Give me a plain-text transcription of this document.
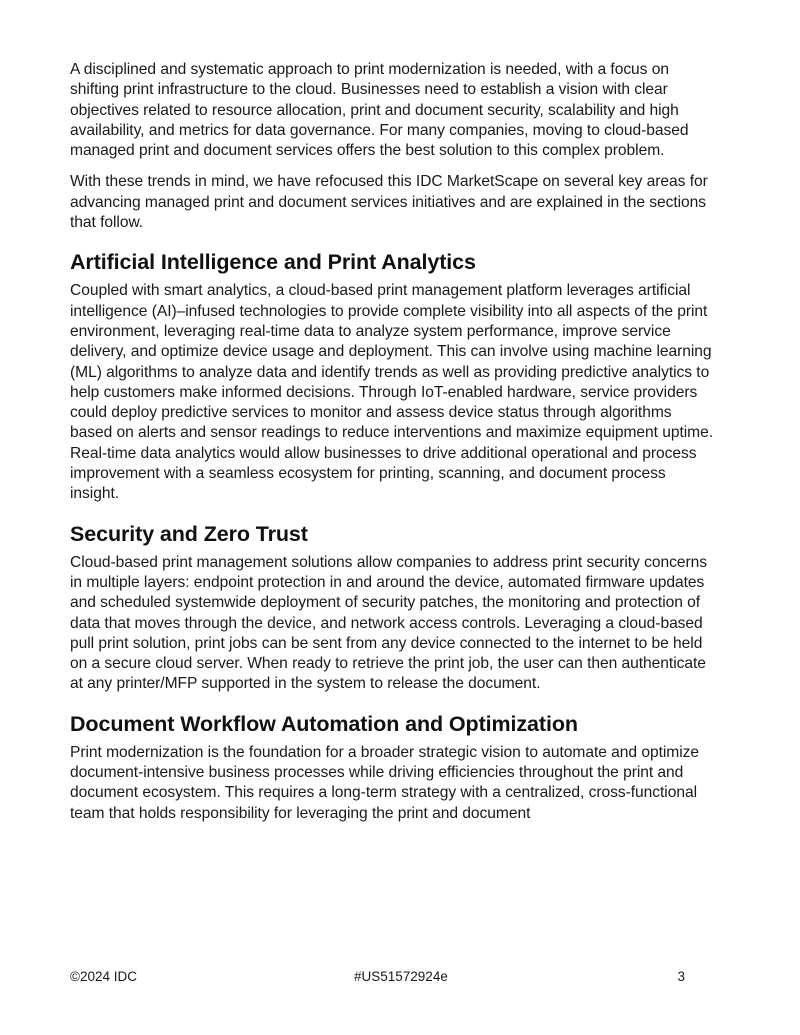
A disciplined and systematic approach to print modernization is needed, with a focus on shifting print infrastructure to the cloud. Businesses need to establish a vision with clear objectives related to resource allocation, print and document security, scalability and high availability, and metrics for data governance. For many companies, moving to cloud-based managed print and document services offers the best solution to this complex problem.

With these trends in mind, we have refocused this IDC MarketScape on several key areas for advancing managed print and document services initiatives and are explained in the sections that follow.

Artificial Intelligence and Print Analytics

Coupled with smart analytics, a cloud-based print management platform leverages artificial intelligence (AI)–infused technologies to provide complete visibility into all aspects of the print environment, leveraging real-time data to analyze system performance, improve service delivery, and optimize device usage and deployment. This can involve using machine learning (ML) algorithms to analyze data and identify trends as well as providing predictive analytics to help customers make informed decisions. Through IoT-enabled hardware, service providers could deploy predictive services to monitor and assess device status through algorithms based on alerts and sensor readings to reduce interventions and maximize equipment uptime. Real-time data analytics would allow businesses to drive additional operational and process improvement with a seamless ecosystem for printing, scanning, and document process insight.

Security and Zero Trust

Cloud-based print management solutions allow companies to address print security concerns in multiple layers: endpoint protection in and around the device, automated firmware updates and scheduled systemwide deployment of security patches, the monitoring and protection of data that moves through the device, and network access controls. Leveraging a cloud-based pull print solution, print jobs can be sent from any device connected to the internet to be held on a secure cloud server. When ready to retrieve the print job, the user can then authenticate at any printer/MFP supported in the system to release the document.

Document Workflow Automation and Optimization

Print modernization is the foundation for a broader strategic vision to automate and optimize document-intensive business processes while driving efficiencies throughout the print and document ecosystem. This requires a long-term strategy with a centralized, cross-functional team that holds responsibility for leveraging the print and document

©2024 IDC	#US51572924e	3
